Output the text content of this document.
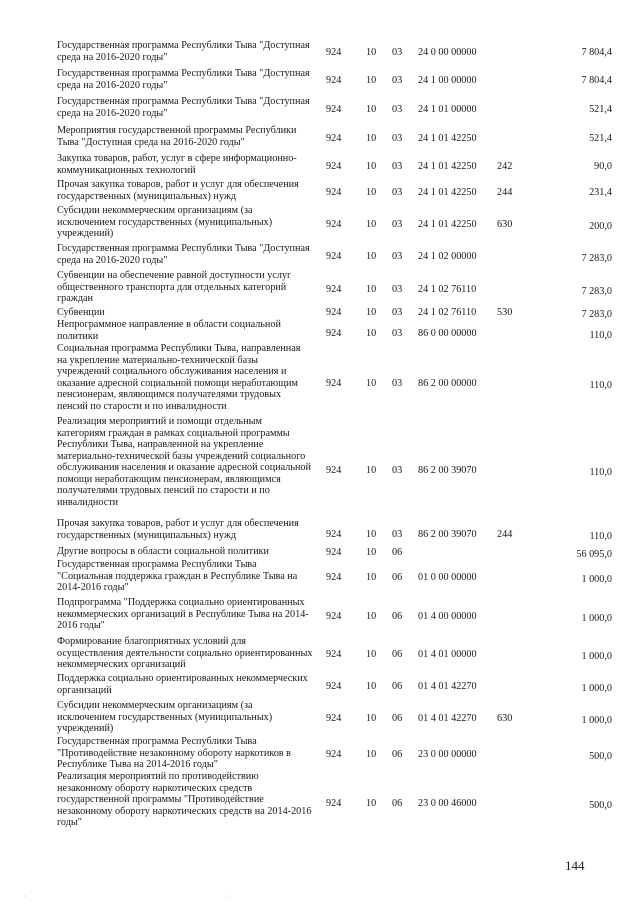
Государственная программа Республики Тыва "Доступная
среда на 2016-2020 годы"	924	10	03	24 0 00 00000	7 804,4
Государственная программа Республики Тыва "Доступная
среда на 2016-2020 годы"	924	10	03	24 1 00 00000	7 804,4
Государственная программа Республики Тыва "Доступная
среда на 2016-2020 годы"	924	10	03	24 1 01 00000	521,4
Мероприятия государственной программы Республики
Тыва "Доступная среда на 2016-2020 годы"	924	10	03	24 1 01 42250	521,4
Закупка товаров, работ, услуг в сфере информационно-
коммуникационных технологий	924	10	03	24 1 01 42250	242	90,0
Прочая закупка товаров, работ и услуг для обеспечения
государственных (муниципальных) нужд	924	10	03	24 1 01 42250	244	231,4
Субсидии некоммерческим организациям (за
исключением государственных (муниципальных)
учреждений)
924	10	03	24 1 01 42250	630	200,0
Государственная программа Республики Тыва "Доступная
среда на 2016-2020 годы"	924	10	03	24 1 02 00000	7 283,0
Субвенции на обеспечение равной доступности услуг
общественного транспорта для отдельных категорий
граждан
924	10	03	24 1 02 76110	7 283,0
Субвенции	924	10	03	24 1 02 76110	530	7 283,0
Непрограммное направление в области социальной
политики	924	10	03	86 0 00 00000	110,0
Социальная программа Республики Тыва, направленная
на укрепление материально-технической базы
учреждений социального обслуживания населения и
оказание адресной социальной помощи неработающим
пенсионерам, являющимся получателями трудовых
пенсий по старости и по инвалидности
924	10	03	86 2 00 00000	110,0
Реализация мероприятий и помощи отдельным
категориям граждан в рамках социальной программы
Республики Тыва, направленной на укрепление
материально-технической базы учреждений социального
обслуживания населения и оказание адресной социальной
помощи неработающим пенсионерам, являющимся
получателями трудовых пенсий по старости и по
инвалидности
924	10	03	86 2 00 39070	110,0
Прочая закупка товаров, работ и услуг для обеспечения
государственных (муниципальных) нужд	924	10	03	86 2 00 39070	244	110,0
Другие вопросы в области социальной политики	924	10	06	56 095,0
Государственная программа Республики Тыва
"Социальная поддержка граждан в Республике Тыва на
2014-2016 годы"
924	10	06	01 0 00 00000	1 000,0
Подпрограмма "Поддержка социально ориентированных
некоммерческих организаций в Республике Тыва на 2014-
2016 годы"
924	10	06	01 4 00 00000	1 000,0
Формирование благоприятных условий для
осуществления деятельности социально ориентированных
некоммерческих организаций
924	10	06	01 4 01 00000	1 000,0
Поддержка социально ориентированных некоммерческих
организаций	924	10	06	01 4 01 42270	1 000,0
Субсидии некоммерческим организациям (за
исключением государственных (муниципальных)
учреждений)
924	10	06	01 4 01 42270	630	1 000,0
Государственная программа Республики Тыва
"Противодействие незаконному обороту наркотиков в
Республике Тыва на 2014-2016 годы"
924	10	06	23 0 00 00000	500,0
Реализация мероприятий по противодействию
незаконному обороту наркотических средств
государственной программы "Противодействие
незаконному обороту наркотических средств на 2014-2016
годы"
924	10	06	23 0 00 46000	500,0
144
·	·
